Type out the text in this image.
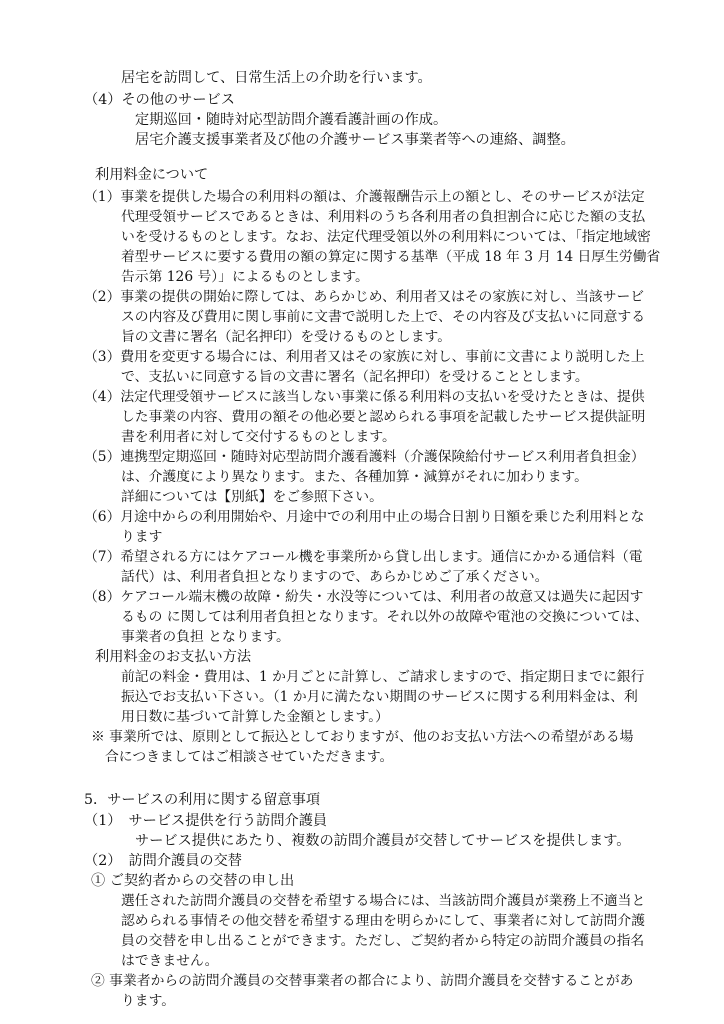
居宅を訪問して、日常生活上の介助を行います。
（4）その他のサービス
定期巡回・随時対応型訪問介護看護計画の作成。
居宅介護支援事業者及び他の介護サービス事業者等への連絡、調整。
利用料金について
（1）事業を提供した場合の利用料の額は、介護報酬告示上の額とし、そのサービスが法定
代理受領サービスであるときは、利用料のうち各利用者の負担割合に応じた額の支払
いを受けるものとします。なお、法定代理受領以外の利用料については、「指定地域密
着型サービスに要する費用の額の算定に関する基準（平成 18 年 3 月 14 日厚生労働省
告示第 126 号）」によるものとします。
（2）事業の提供の開始に際しては、あらかじめ、利用者又はその家族に対し、当該サービ
スの内容及び費用に関し事前に文書で説明した上で、その内容及び支払いに同意する
旨の文書に署名（記名押印）を受けるものとします。
（3）費用を変更する場合には、利用者又はその家族に対し、事前に文書により説明した上
で、支払いに同意する旨の文書に署名（記名押印）を受けることとします。
（4）法定代理受領サービスに該当しない事業に係る利用料の支払いを受けたときは、提供
した事業の内容、費用の額その他必要と認められる事項を記載したサービス提供証明
書を利用者に対して交付するものとします。
（5）連携型定期巡回・随時対応型訪問介護看護料（介護保険給付サービス利用者負担金）
は、介護度により異なります。また、各種加算・減算がそれに加わります。
詳細については【別紙】をご参照下さい。
（6）月途中からの利用開始や、月途中での利用中止の場合日割り日額を乗じた利用料とな
ります
（7）希望される方にはケアコール機を事業所から貸し出します。通信にかかる通信料（電
話代）は、利用者負担となりますので、あらかじめご了承ください。
（8）ケアコール端末機の故障・紛失・水没等については、利用者の故意又は過失に起因す
るもの に関しては利用者負担となります。それ以外の故障や電池の交換については、
事業者の負担 となります。
利用料金のお支払い方法
前記の料金・費用は、1 か月ごとに計算し、ご請求しますので、指定期日までに銀行
振込でお支払い下さい。（1 か月に満たない期間のサービスに関する利用料金は、利
用日数に基づいて計算した金額とします。）
※ 事業所では、原則として振込としておりますが、他のお支払い方法への希望がある場
合につきましてはご相談させていただきます。
5．サービスの利用に関する留意事項
（1）　サービス提供を行う訪問介護員
サービス提供にあたり、複数の訪問介護員が交替してサービスを提供します。
（2）　訪問介護員の交替
① ご契約者からの交替の申し出
選任された訪問介護員の交替を希望する場合には、当該訪問介護員が業務上不適当と
認められる事情その他交替を希望する理由を明らかにして、事業者に対して訪問介護
員の交替を申し出ることができます。ただし、ご契約者から特定の訪問介護員の指名
はできません。
② 事業者からの訪問介護員の交替事業者の都合により、訪問介護員を交替することがあ
ります。
